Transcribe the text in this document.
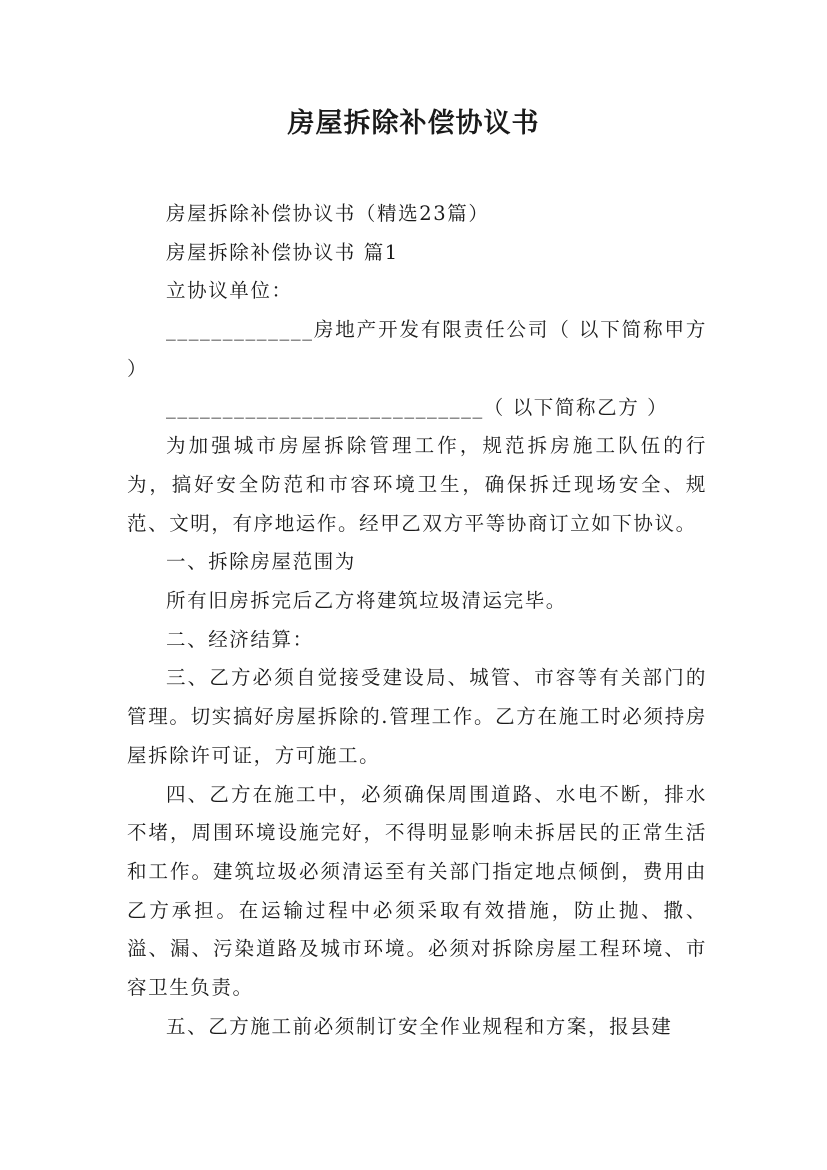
房屋拆除补偿协议书

房屋拆除补偿协议书（精选23篇）

房屋拆除补偿协议书 篇1

立协议单位：

_____________房地产开发有限责任公司（ 以下简称甲方 ）

____________________________（ 以下简称乙方 ）

为加强城市房屋拆除管理工作，规范拆房施工队伍的行为，搞好安全防范和市容环境卫生，确保拆迁现场安全、规范、文明，有序地运作。经甲乙双方平等协商订立如下协议。

一、拆除房屋范围为

所有旧房拆完后乙方将建筑垃圾清运完毕。

二、经济结算：

三、乙方必须自觉接受建设局、城管、市容等有关部门的管理。切实搞好房屋拆除的.管理工作。乙方在施工时必须持房屋拆除许可证，方可施工。

四、乙方在施工中，必须确保周围道路、水电不断，排水不堵，周围环境设施完好，不得明显影响未拆居民的正常生活和工作。建筑垃圾必须清运至有关部门指定地点倾倒，费用由乙方承担。在运输过程中必须采取有效措施，防止抛、撒、溢、漏、污染道路及城市环境。必须对拆除房屋工程环境、市容卫生负责。

五、乙方施工前必须制订安全作业规程和方案，报县建
